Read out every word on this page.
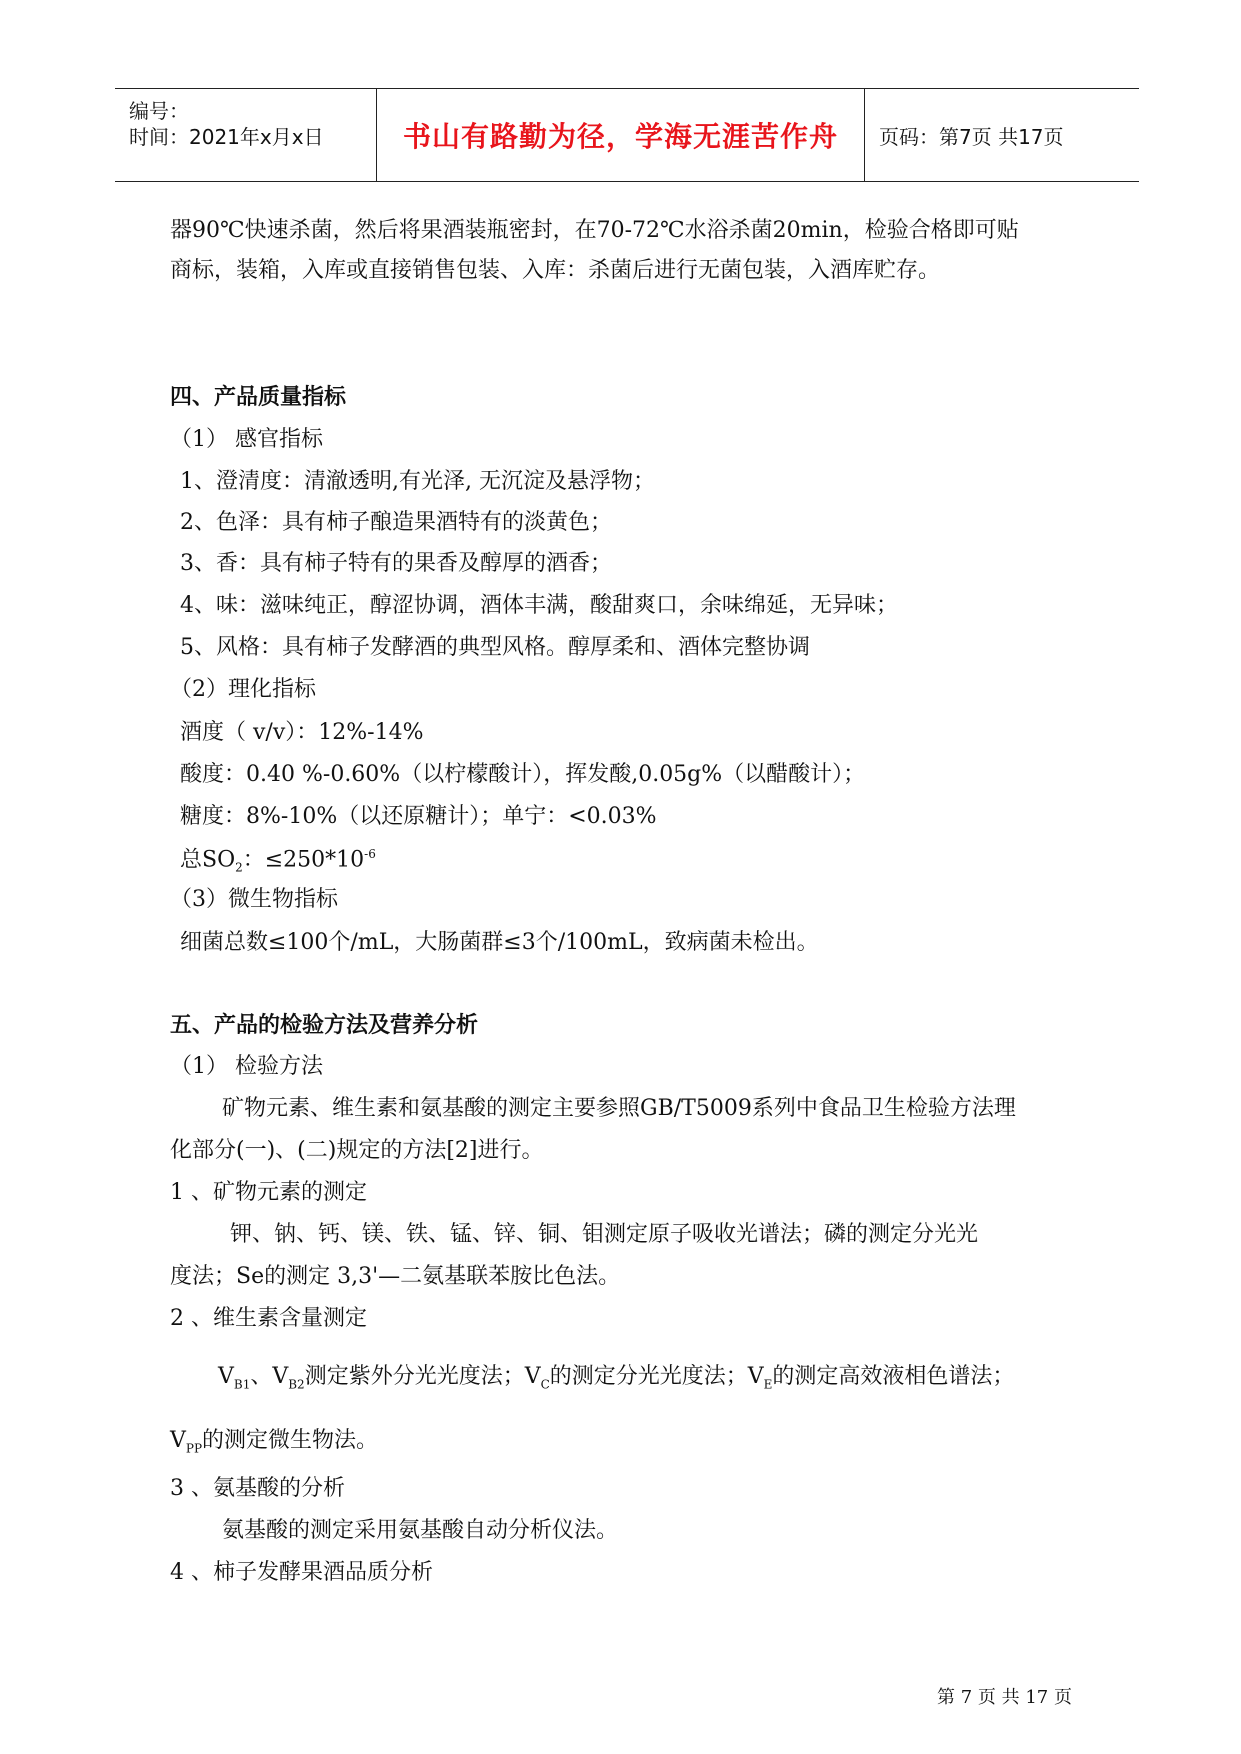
编号：
时间：2021年x月x日	书山有路勤为径，学海无涯苦作舟	页码：第7页 共17页
器90℃快速杀菌，然后将果酒装瓶密封，在70-72℃水浴杀菌20min，检验合格即可贴
商标，装箱，入库或直接销售包装、入库：杀菌后进行无菌包装，入酒库贮存。
四、产品质量指标
（1） 感官指标
1、澄清度：清澈透明,有光泽, 无沉淀及悬浮物；
2、色泽：具有柿子酿造果酒特有的淡黄色；
3、香：具有柿子特有的果香及醇厚的酒香；
4、味：滋味纯正，醇涩协调，酒体丰满，酸甜爽口，余味绵延，无异味；
5、风格：具有柿子发酵酒的典型风格。醇厚柔和、酒体完整协调
（2）理化指标
酒度（ v/v）：12%-14%
酸度：0.40 %-0.60%（以柠檬酸计），挥发酸,0.05g%（以醋酸计）；
糖度：8%-10%（以还原糖计）；单宁：<0.03%
总$SO_2$：$\le 250*10^{-6}$
（3）微生物指标
细菌总数≤100个/mL，大肠菌群≤3个/100mL，致病菌未检出。
五、产品的检验方法及营养分析
（1） 检验方法
矿物元素、维生素和氨基酸的测定主要参照GB/T5009系列中食品卫生检验方法理
化部分(一)、(二)规定的方法[2]进行。
1 、矿物元素的测定
钾、钠、钙、镁、铁、锰、锌、铜、钼测定原子吸收光谱法；磷的测定分光光
度法；Se的测定 3,3'—二氨基联苯胺比色法。
2 、维生素含量测定
$V_{B1}$、$V_{B2}$测定紫外分光光度法；$V_C$的测定分光光度法；$V_E$的测定高效液相色谱法；
$V_{PP}$的测定微生物法。
3 、氨基酸的分析
氨基酸的测定采用氨基酸自动分析仪法。
4 、柿子发酵果酒品质分析
第 7 页 共 17 页
